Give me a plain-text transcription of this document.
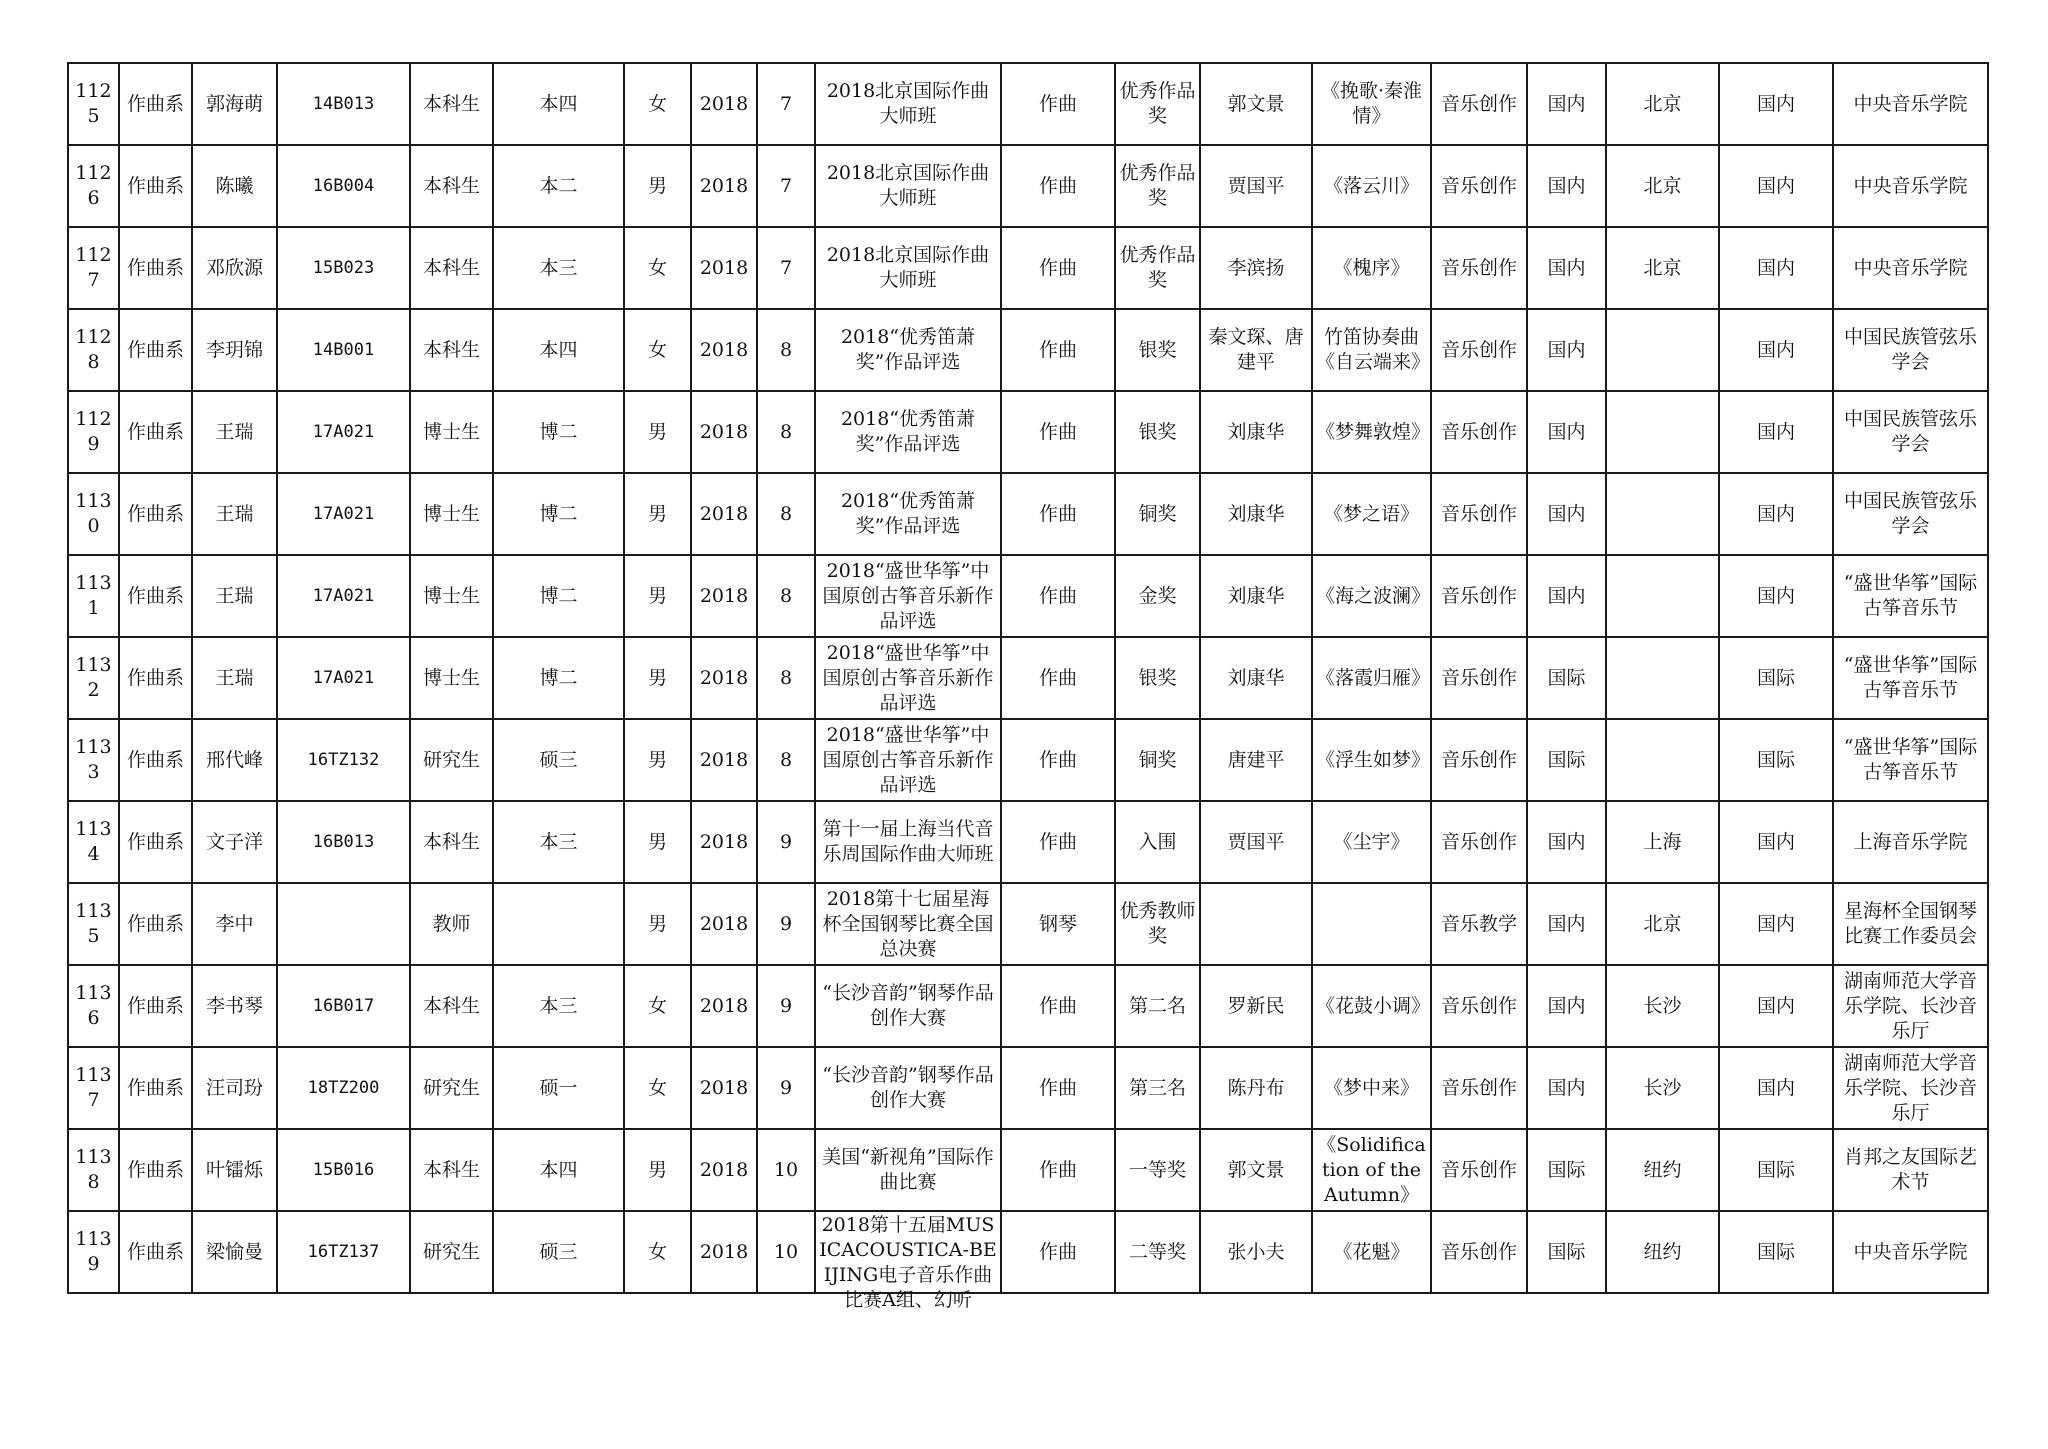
1125	作曲系	郭海萌	14B013	本科生	本四	女	2018	7	2018北京国际作曲大师班	作曲	优秀作品奖	郭文景	《挽歌·秦淮情》	音乐创作	国内	北京	国内	中央音乐学院

1126	作曲系	陈曦	16B004	本科生	本二	男	2018	7	2018北京国际作曲大师班	作曲	优秀作品奖	贾国平	《落云川》	音乐创作	国内	北京	国内	中央音乐学院

1127	作曲系	邓欣源	15B023	本科生	本三	女	2018	7	2018北京国际作曲大师班	作曲	优秀作品奖	李滨扬	《槐序》	音乐创作	国内	北京	国内	中央音乐学院

1128	作曲系	李玥锦	14B001	本科生	本四	女	2018	8	2018“优秀笛萧奖”作品评选	作曲	银奖	秦文琛、唐建平	竹笛协奏曲《自云端来》	音乐创作	国内		国内	中国民族管弦乐学会

1129	作曲系	王瑞	17A021	博士生	博二	男	2018	8	2018“优秀笛萧奖”作品评选	作曲	银奖	刘康华	《梦舞敦煌》	音乐创作	国内		国内	中国民族管弦乐学会

1130	作曲系	王瑞	17A021	博士生	博二	男	2018	8	2018“优秀笛萧奖”作品评选	作曲	铜奖	刘康华	《梦之语》	音乐创作	国内		国内	中国民族管弦乐学会

1131	作曲系	王瑞	17A021	博士生	博二	男	2018	8	2018“盛世华筝”中国原创古筝音乐新作品评选	作曲	金奖	刘康华	《海之波澜》	音乐创作	国内		国内	“盛世华筝”国际古筝音乐节

1132	作曲系	王瑞	17A021	博士生	博二	男	2018	8	2018“盛世华筝”中国原创古筝音乐新作品评选	作曲	银奖	刘康华	《落霞归雁》	音乐创作	国际		国际	“盛世华筝”国际古筝音乐节

1133	作曲系	邢代峰	16TZ132	研究生	硕三	男	2018	8	2018“盛世华筝”中国原创古筝音乐新作品评选	作曲	铜奖	唐建平	《浮生如梦》	音乐创作	国际		国际	“盛世华筝”国际古筝音乐节

1134	作曲系	文子洋	16B013	本科生	本三	男	2018	9	第十一届上海当代音乐周国际作曲大师班	作曲	入围	贾国平	《尘宇》	音乐创作	国内	上海	国内	上海音乐学院

1135	作曲系	李中		教师		男	2018	9	2018第十七届星海杯全国钢琴比赛全国总决赛	钢琴	优秀教师奖			音乐教学	国内	北京	国内	星海杯全国钢琴比赛工作委员会

1136	作曲系	李书琴	16B017	本科生	本三	女	2018	9	“长沙音韵”钢琴作品创作大赛	作曲	第二名	罗新民	《花鼓小调》	音乐创作	国内	长沙	国内	湖南师范大学音乐学院、长沙音乐厅

1137	作曲系	汪司玢	18TZ200	研究生	硕一	女	2018	9	“长沙音韵”钢琴作品创作大赛	作曲	第三名	陈丹布	《梦中来》	音乐创作	国内	长沙	国内	湖南师范大学音乐学院、长沙音乐厅

1138	作曲系	叶镭烁	15B016	本科生	本四	男	2018	10	美国“新视角”国际作曲比赛	作曲	一等奖	郭文景	《Solidification of the Autumn》	音乐创作	国际	纽约	国际	肖邦之友国际艺术节

1139	作曲系	梁愉曼	16TZ137	研究生	硕三	女	2018	10	2018第十五届MUSICACOUSTICA-BEIJING电子音乐作曲比赛A组、幻听	作曲	二等奖	张小夫	《花魁》	音乐创作	国际	纽约	国际	中央音乐学院
